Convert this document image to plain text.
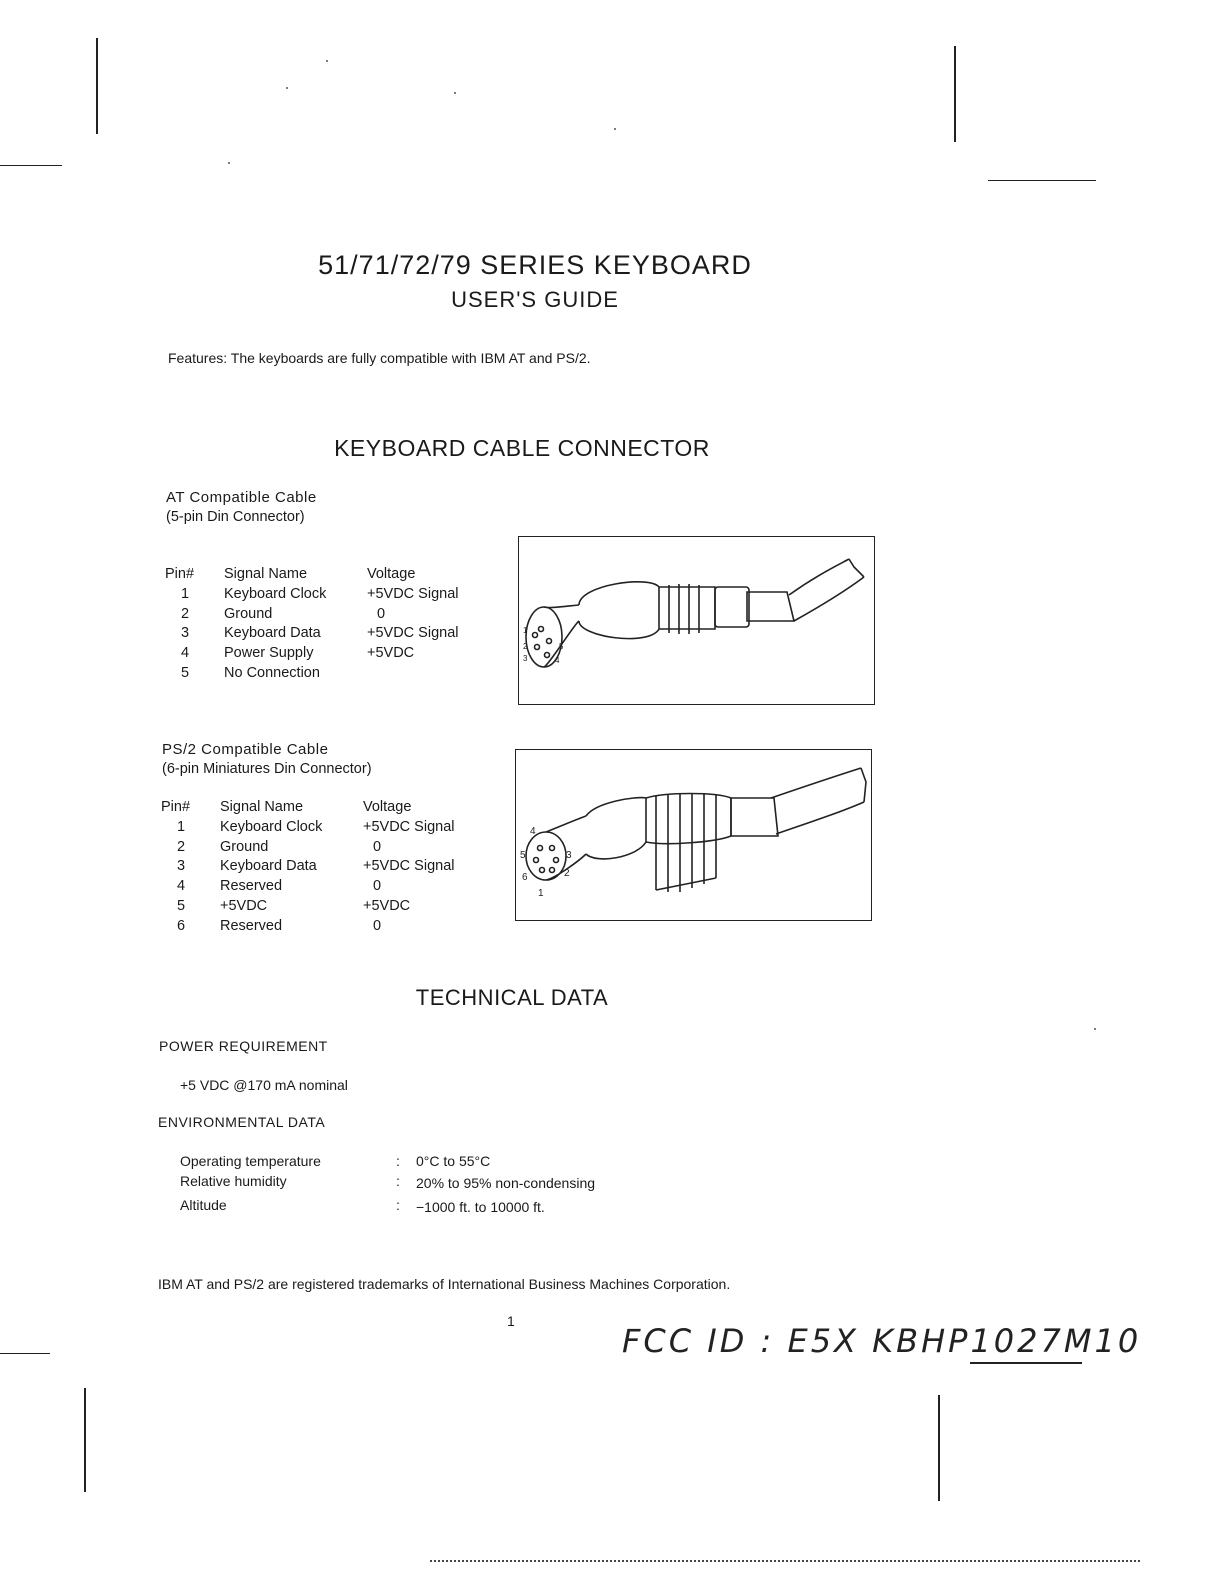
51/71/72/79 SERIES KEYBOARD
USER'S GUIDE
Features: The keyboards are fully compatible with IBM AT and PS/2.
KEYBOARD CABLE CONNECTOR
AT Compatible Cable
(5-pin Din Connector)
Pin# Signal Name	Voltage
1 Keyboard Clock	+5VDC Signal
2 Ground	0
3 Keyboard Data	+5VDC Signal
4 Power Supply	+5VDC
5 No Connection
1
2
3	4
5
PS/2 Compatible Cable
(6-pin Miniatures Din Connector)
Pin# Signal Name	Voltage
1 Keyboard Clock	+5VDC Signal
2 Ground	0
3 Keyboard Data	+5VDC Signal
4 Reserved	0
5 +5VDC	+5VDC
6 Reserved	0
1
2
3
4
5
6
TECHNICAL DATA
POWER REQUIREMENT
+5 VDC @170 mA nominal
ENVIRONMENTAL DATA
Operating temperature	: 0°C to 55°C
Relative humidity	: 20% to 95% non-condensing
Altitude	: −1000 ft. to 10000 ft.
IBM AT and PS/2 are registered trademarks of International Business Machines Corporation.
1
FCC ID : E5X KBHP1027M10
